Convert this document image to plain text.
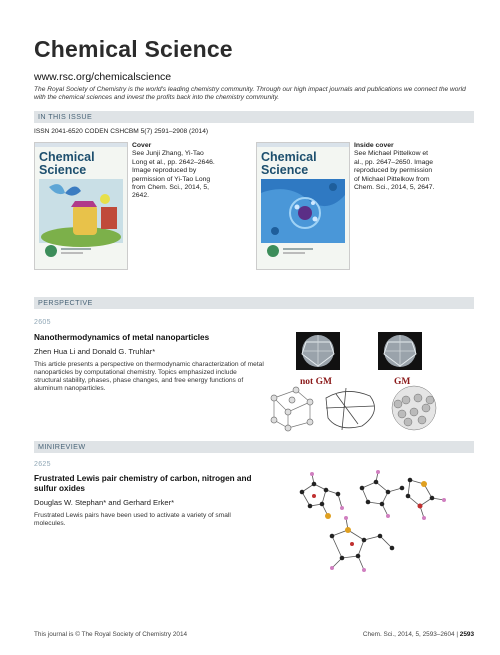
Chemical Science
www.rsc.org/chemicalscience
The Royal Society of Chemistry is the world's leading chemistry community. Through our high impact journals and publications we connect the world with the chemical sciences and invest the profits back into the chemistry community.
IN THIS ISSUE
ISSN 2041-6520 CODEN CSHCBM 5(7) 2591–2908 (2014)
Chemical
Science
Cover
See Junji Zhang, Yi-Tao Long et al., pp. 2642–2646. Image reproduced by permission of Yi-Tao Long from Chem. Sci., 2014, 5, 2642.
Chemical
Science
Inside cover
See Michael Pittelkow et al., pp. 2647–2650. Image reproduced by permission of Michael Pittelkow from Chem. Sci., 2014, 5, 2647.
PERSPECTIVE
2605
Nanothermodynamics of metal nanoparticles
Zhen Hua Li and Donald G. Truhlar*
This article presents a perspective on thermodynamic characterization of metal nanoparticles by computational chemistry. Topics emphasized include structural stability, phases, phase changes, and free energy functions of aluminum nanoparticles.
not GM	GM
MINIREVIEW
2625
Frustrated Lewis pair chemistry of carbon, nitrogen and sulfur oxides
Douglas W. Stephan* and Gerhard Erker*
Frustrated Lewis pairs have been used to activate a variety of small molecules.
This journal is © The Royal Society of Chemistry 2014	Chem. Sci., 2014, 5, 2593–2604 | 2593
